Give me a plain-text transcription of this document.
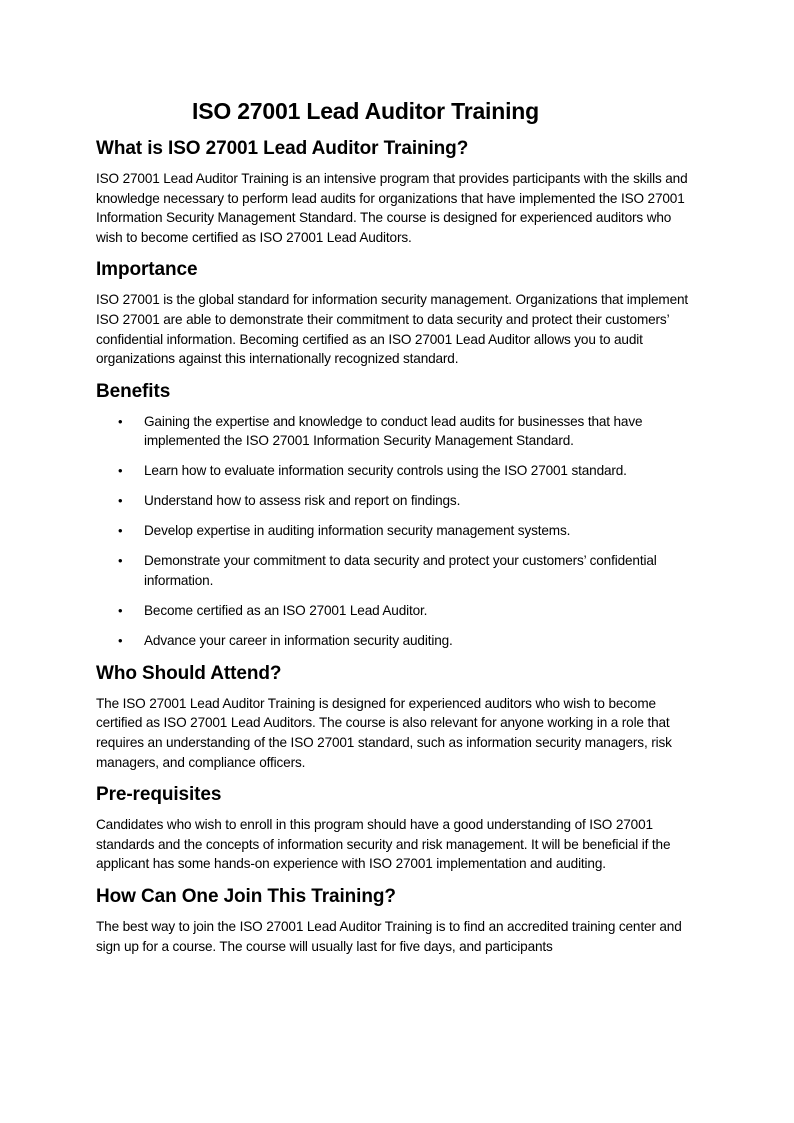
ISO 27001 Lead Auditor Training
What is ISO 27001 Lead Auditor Training?

ISO 27001 Lead Auditor Training is an intensive program that provides participants with the skills and knowledge necessary to perform lead audits for organizations that have implemented the ISO 27001 Information Security Management Standard. The course is designed for experienced auditors who wish to become certified as ISO 27001 Lead Auditors.

Importance

ISO 27001 is the global standard for information security management. Organizations that implement ISO 27001 are able to demonstrate their commitment to data security and protect their customers’ confidential information. Becoming certified as an ISO 27001 Lead Auditor allows you to audit organizations against this internationally recognized standard.

Benefits
• Gaining the expertise and knowledge to conduct lead audits for businesses that have implemented the ISO 27001 Information Security Management Standard.
• Learn how to evaluate information security controls using the ISO 27001 standard.
• Understand how to assess risk and report on findings.
• Develop expertise in auditing information security management systems.
• Demonstrate your commitment to data security and protect your customers’ confidential information.
• Become certified as an ISO 27001 Lead Auditor.
• Advance your career in information security auditing.
Who Should Attend?

The ISO 27001 Lead Auditor Training is designed for experienced auditors who wish to become certified as ISO 27001 Lead Auditors. The course is also relevant for anyone working in a role that requires an understanding of the ISO 27001 standard, such as information security managers, risk managers, and compliance officers.

Pre-requisites

Candidates who wish to enroll in this program should have a good understanding of ISO 27001 standards and the concepts of information security and risk management. It will be beneficial if the applicant has some hands-on experience with ISO 27001 implementation and auditing.

How Can One Join This Training?

The best way to join the ISO 27001 Lead Auditor Training is to find an accredited training center and sign up for a course. The course will usually last for five days, and participants
